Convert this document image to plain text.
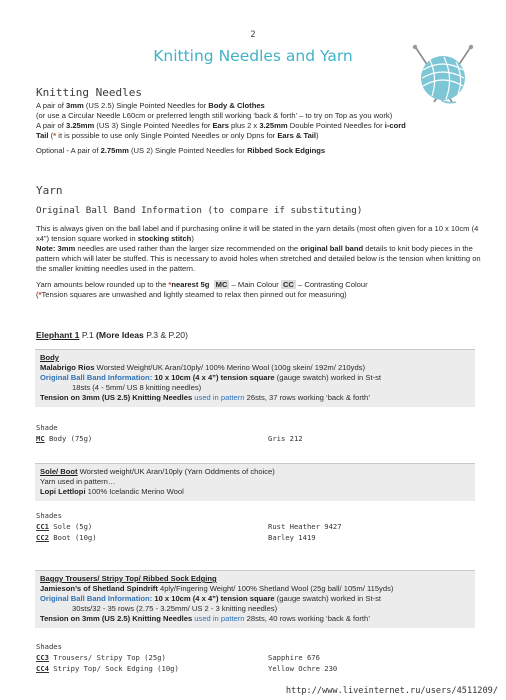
2
Knitting Needles and Yarn
Knitting Needles
A pair of 3mm (US 2.5) Single Pointed Needles for Body & Clothes
(or use a Circular Needle L60cm or preferred length still working ‘back & forth’ – to try on Top as you work)
A pair of 3.25mm (US 3) Single Pointed Needles for Ears plus 2 x 3.25mm Double Pointed Needles for i-cord
Tail (* it is possible to use only Single Pointed Needles or only Dpns for Ears & Tail)
Optional - A pair of 2.75mm (US 2) Single Pointed Needles for Ribbed Sock Edgings
Yarn
Original Ball Band Information (to compare if substituting)
This is always given on the ball label and if purchasing online it will be stated in the yarn details (most often given for a 10 x 10cm (4 x4”) tension square worked in stocking stitch)
Note: 3mm needles are used rather than the larger size recommended on the original ball band details to knit body pieces in the pattern which will later be stuffed. This is necessary to avoid holes when stretched and detailed below is the tension when knitting on the smaller knitting needles used in the pattern.
Yarn amounts below rounded up to the *nearest 5g MC – Main Colour CC – Contrasting Colour
(*Tension squares are unwashed and lightly steamed to relax then pinned out for measuring)
Elephant 1 P.1 (More Ideas P.3 & P.20)
Body
Malabrigo Rios Worsted Weight/UK Aran/10ply/ 100% Merino Wool (100g skein/ 192m/ 210yds)
Original Ball Band Information: 10 x 10cm (4 x 4”) tension square (gauge swatch) worked in St-st
18sts (4 - 5mm/ US 8 knitting needles)
Tension on 3mm (US 2.5) Knitting Needles used in pattern 26sts, 37 rows working ‘back & forth’
Shade
MC Body (75g)	Gris 212
Sole/ Boot Worsted weight/UK Aran/10ply (Yarn Oddments of choice)
Yarn used in pattern…
Lopi Lettlopi 100% Icelandic Merino Wool
Shades
CC1 Sole (5g)	Rust Heather 9427
CC2 Boot (10g)	Barley 1419
Baggy Trousers/ Stripy Top/ Ribbed Sock Edging
Jamieson’s of Shetland Spindrift 4ply/Fingering Weight/ 100% Shetland Wool (25g ball/ 105m/ 115yds)
Original Ball Band Information: 10 x 10cm (4 x 4”) tension square (gauge swatch) worked in St-st
30sts/32 - 35 rows (2.75 - 3.25mm/ US 2 - 3 knitting needles)
Tension on 3mm (US 2.5) Knitting Needles used in pattern 28sts, 40 rows working ‘back & forth’
Shades
CC3 Trousers/ Stripy Top (25g)	Sapphire 676
CC4 Stripy Top/ Sock Edging (10g)	Yellow Ochre 230
http://www.liveinternet.ru/users/4511209/
